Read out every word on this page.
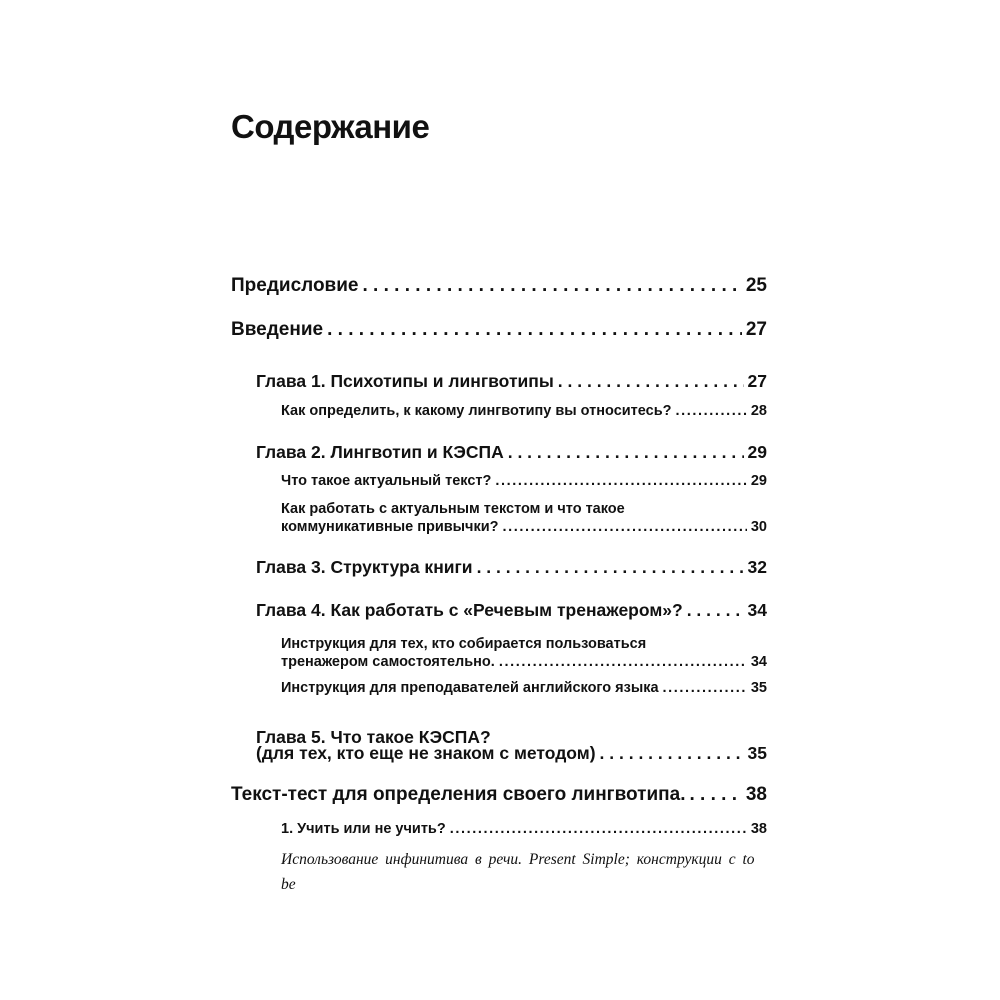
Содержание
Предисловие . . .	25
Введение . . .	27
Глава 1. Психотипы и лингвотипы . . .	27
Как определить, к какому лингвотипу вы относитесь? .....	28
Глава 2. Лингвотип и КЭСПА . . .	29
Что такое актуальный текст? .....	29
Как работать с актуальным текстом и что такое
коммуникативные привычки? .....	30
Глава 3. Структура книги . . .	32
Глава 4. Как работать с «Речевым тренажером»? . . .	34
Инструкция для тех, кто собирается пользоваться
тренажером самостоятельно. .....	34
Инструкция для преподавателей английского языка .....	35
Глава 5. Что такое КЭСПА?
(для тех, кто еще не знаком с методом) . . .	35
Текст-тест для определения своего лингвотипа. . . .	38
1. Учить или не учить? .....	38
Использование инфинитива в речи. Present Simple; конструкции с to be
